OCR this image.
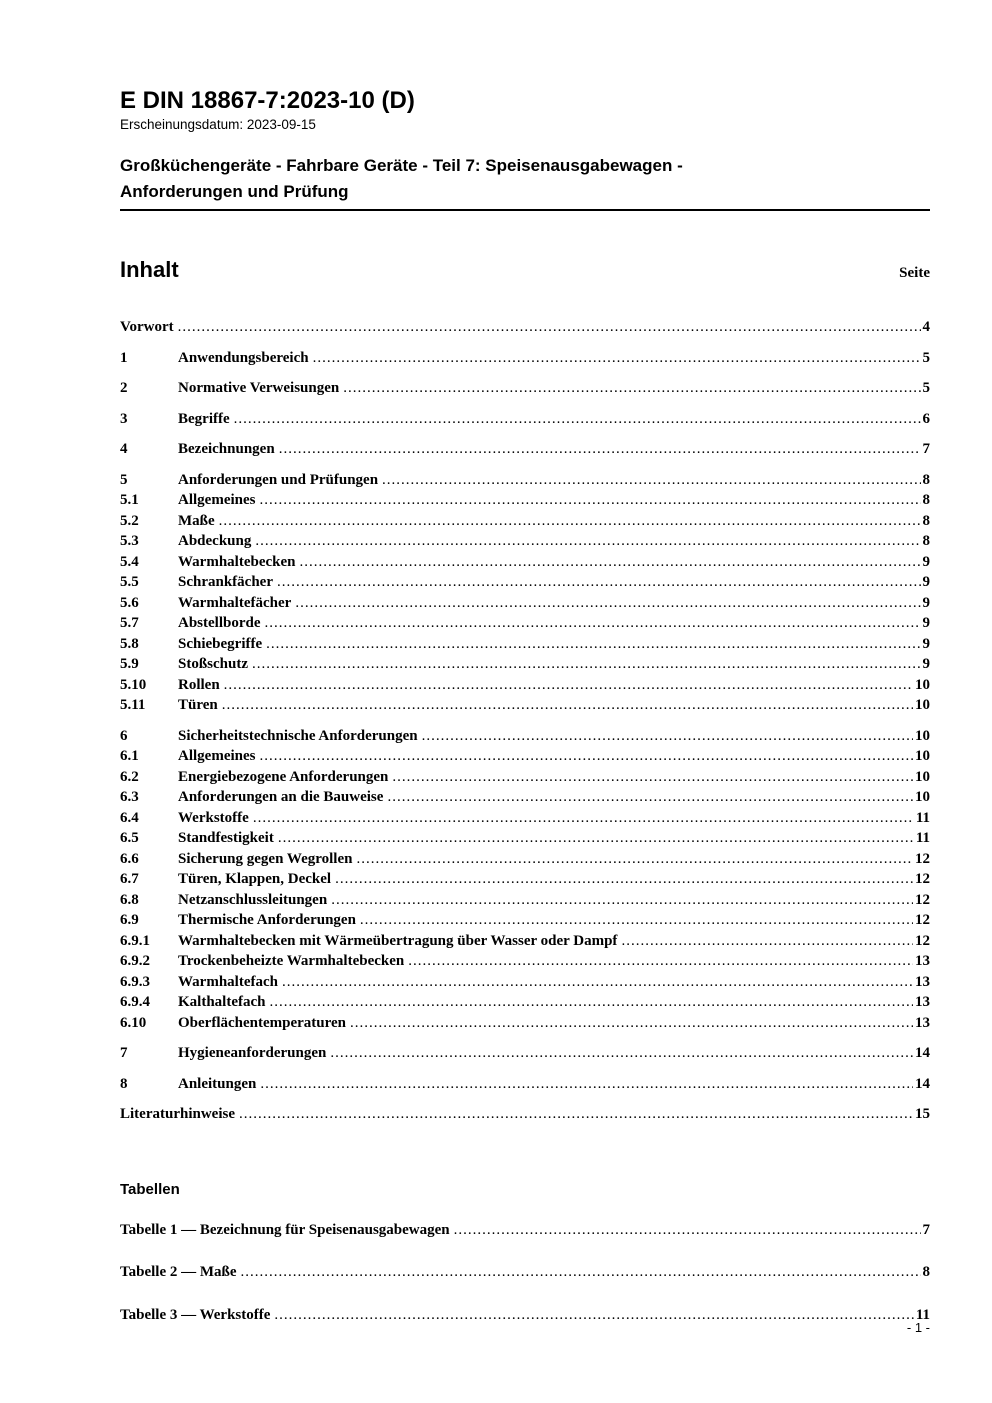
E DIN 18867-7:2023-10 (D)
Erscheinungsdatum: 2023-09-15
Großküchengeräte - Fahrbare Geräte - Teil 7: Speisenausgabewagen -
Anforderungen und Prüfung
Inhalt	Seite
Vorwort .....	4
1	Anwendungsbereich .....	5
2	Normative Verweisungen .....	5
3	Begriffe .....	6
4	Bezeichnungen .....	7
5	Anforderungen und Prüfungen .....	8
5.1	Allgemeines .....	8
5.2	Maße .....	8
5.3	Abdeckung .....	8
5.4	Warmhaltebecken .....	9
5.5	Schrankfächer .....	9
5.6	Warmhaltefächer .....	9
5.7	Abstellborde .....	9
5.8	Schiebegriffe .....	9
5.9	Stoßschutz .....	9
5.10	Rollen .....	10
5.11	Türen .....	10
6	Sicherheitstechnische Anforderungen .....	10
6.1	Allgemeines .....	10
6.2	Energiebezogene Anforderungen .....	10
6.3	Anforderungen an die Bauweise .....	10
6.4	Werkstoffe .....	11
6.5	Standfestigkeit .....	11
6.6	Sicherung gegen Wegrollen .....	12
6.7	Türen, Klappen, Deckel .....	12
6.8	Netzanschlussleitungen .....	12
6.9	Thermische Anforderungen .....	12
6.9.1	Warmhaltebecken mit Wärmeübertragung über Wasser oder Dampf .....	12
6.9.2	Trockenbeheizte Warmhaltebecken .....	13
6.9.3	Warmhaltefach .....	13
6.9.4	Kalthaltefach .....	13
6.10	Oberflächentemperaturen .....	13
7	Hygieneanforderungen .....	14
8	Anleitungen .....	14
Literaturhinweise .....	15
Tabellen
Tabelle 1 — Bezeichnung für Speisenausgabewagen .....	7
Tabelle 2 — Maße .....	8
Tabelle 3 — Werkstoffe .....	11
- 1 -
